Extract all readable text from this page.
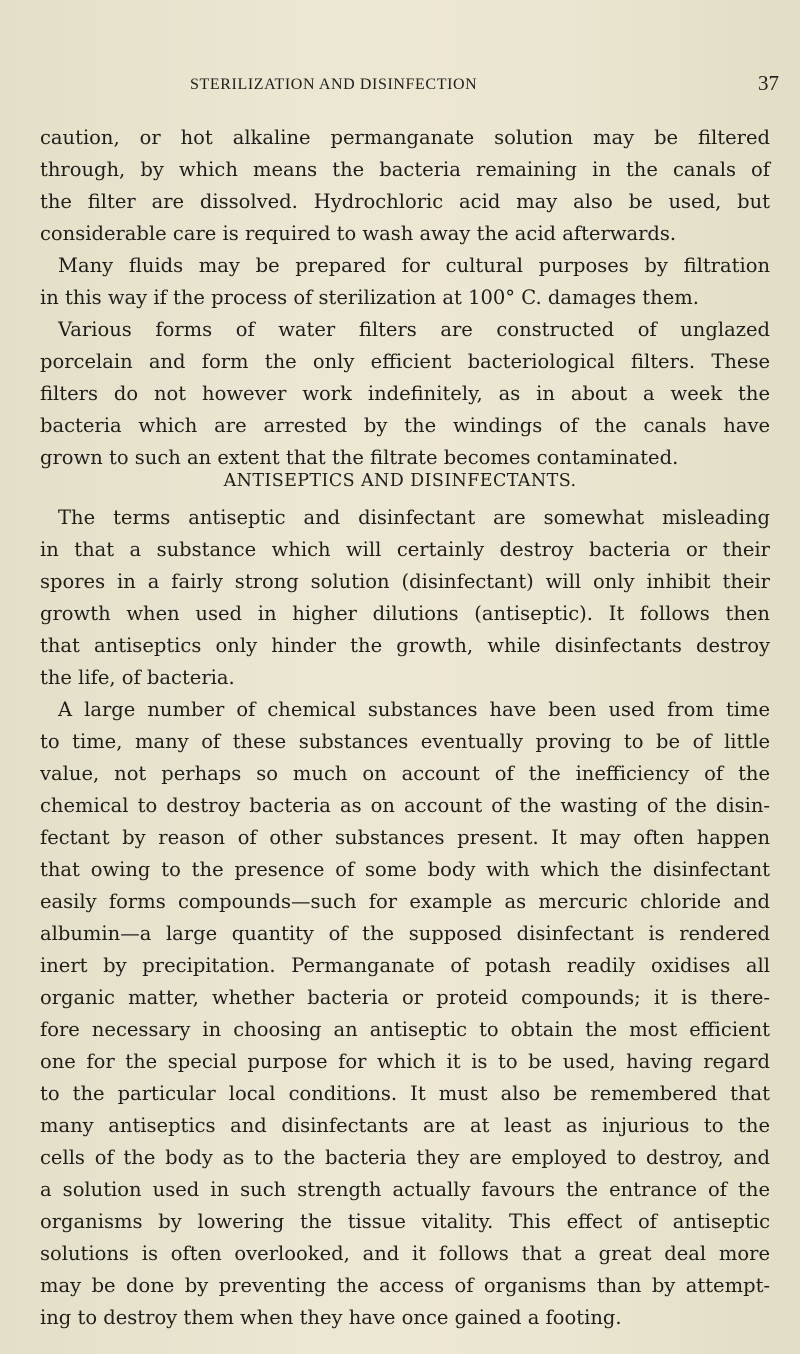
STERILIZATION AND DISINFECTION	37
caution, or hot alkaline permanganate solution may be filtered
through, by which means the bacteria remaining in the canals of
the filter are dissolved. Hydrochloric acid may also be used, but
considerable care is required to wash away the acid afterwards.
Many fluids may be prepared for cultural purposes by filtration
in this way if the process of sterilization at 100° C. damages them.
Various forms of water filters are constructed of unglazed
porcelain and form the only efficient bacteriological filters. These
filters do not however work indefinitely, as in about a week the
bacteria which are arrested by the windings of the canals have
grown to such an extent that the filtrate becomes contaminated.
ANTISEPTICS AND DISINFECTANTS.
The terms antiseptic and disinfectant are somewhat misleading
in that a substance which will certainly destroy bacteria or their
spores in a fairly strong solution (disinfectant) will only inhibit their
growth when used in higher dilutions (antiseptic). It follows then
that antiseptics only hinder the growth, while disinfectants destroy
the life, of bacteria.
A large number of chemical substances have been used from time
to time, many of these substances eventually proving to be of little
value, not perhaps so much on account of the inefficiency of the
chemical to destroy bacteria as on account of the wasting of the disin-
fectant by reason of other substances present. It may often happen
that owing to the presence of some body with which the disinfectant
easily forms compounds—such for example as mercuric chloride and
albumin—a large quantity of the supposed disinfectant is rendered
inert by precipitation. Permanganate of potash readily oxidises all
organic matter, whether bacteria or proteid compounds; it is there-
fore necessary in choosing an antiseptic to obtain the most efficient
one for the special purpose for which it is to be used, having regard
to the particular local conditions. It must also be remembered that
many antiseptics and disinfectants are at least as injurious to the
cells of the body as to the bacteria they are employed to destroy, and
a solution used in such strength actually favours the entrance of the
organisms by lowering the tissue vitality. This effect of antiseptic
solutions is often overlooked, and it follows that a great deal more
may be done by preventing the access of organisms than by attempt-
ing to destroy them when they have once gained a footing.
